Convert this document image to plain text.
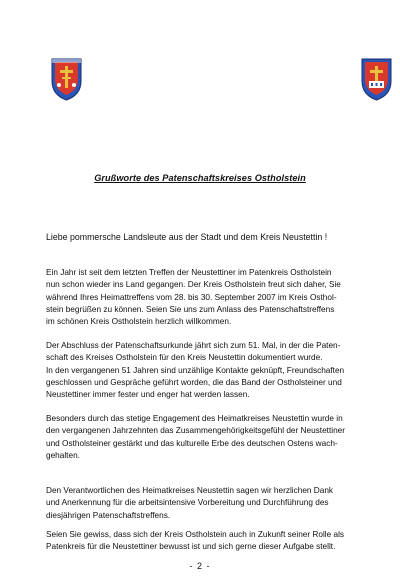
Grußworte des Patenschaftskreises Ostholstein
Liebe pommersche Landsleute aus der Stadt und dem Kreis Neustettin !

Ein Jahr ist seit dem letzten Treffen der Neustettiner im Patenkreis Ostholstein
nun schon wieder ins Land gegangen. Der Kreis Ostholstein freut sich daher, Sie
während Ihres Heimattreffens vom 28. bis 30. September 2007 im Kreis Osthol-
stein begrüßen zu können. Seien Sie uns zum Anlass des Patenschaftstreffens
im schönen Kreis Ostholstein herzlich willkommen.

Der Abschluss der Patenschaftsurkunde jährt sich zum 51. Mal, in der die Paten-
schaft des Kreises Ostholstein für den Kreis Neustettin dokumentiert wurde.
In den vergangenen 51 Jahren sind unzählige Kontakte geknüpft, Freundschaften
geschlossen und Gespräche geführt worden, die das Band der Ostholsteiner und
Neustettiner immer fester und enger hat werden lassen.

Besonders durch das stetige Engagement des Heimatkreises Neustettin wurde in
den vergangenen Jahrzehnten das Zusammengehörigkeitsgefühl der Neustettiner
und Ostholsteiner gestärkt und das kulturelle Erbe des deutschen Ostens wach-
gehalten.

Den Verantwortlichen des Heimatkreises Neustettin sagen wir herzlichen Dank
und Anerkennung für die arbeitsintensive Vorbereitung und Durchführung des
diesjährigen Patenschaftstreffens.

Seien Sie gewiss, dass sich der Kreis Ostholstein auch in Zukunft seiner Rolle als
Patenkreis für die Neustettiner bewusst ist und sich gerne dieser Aufgabe stellt.

- 2 -
